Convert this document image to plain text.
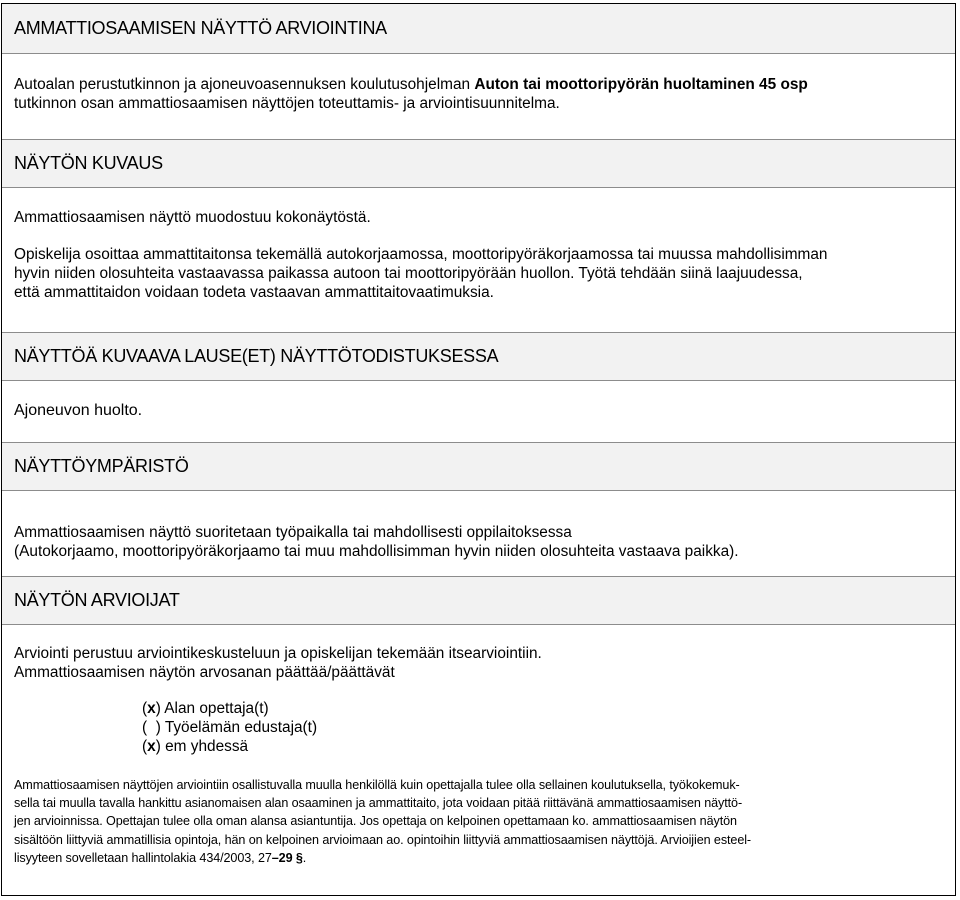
AMMATTIOSAAMISEN NÄYTTÖ ARVIOINTINA

Autoalan perustutkinnon ja ajoneuvoasennuksen koulutusohjelman Auton tai moottoripyörän huoltaminen 45 osp

tutkinnon osan ammattiosaamisen näyttöjen toteuttamis- ja arviointisuunnitelma.

NÄYTÖN KUVAUS

Ammattiosaamisen näyttö muodostuu kokonäytöstä.

Opiskelija osoittaa ammattitaitonsa tekemällä autokorjaamossa, moottoripyöräkorjaamossa tai muussa mahdollisimman

hyvin niiden olosuhteita vastaavassa paikassa autoon tai moottoripyörään huollon. Työtä tehdään siinä laajuudessa,

että ammattitaidon voidaan todeta vastaavan ammattitaitovaatimuksia.

NÄYTTÖÄ KUVAAVA LAUSE(ET) NÄYTTÖTODISTUKSESSA

Ajoneuvon huolto.

NÄYTTÖYMPÄRISTÖ

Ammattiosaamisen näyttö suoritetaan työpaikalla tai mahdollisesti oppilaitoksessa

(Autokorjaamo, moottoripyöräkorjaamo tai muu mahdollisimman hyvin niiden olosuhteita vastaava paikka).

NÄYTÖN ARVIOIJAT

Arviointi perustuu arviointikeskusteluun ja opiskelijan tekemään itsearviointiin.

Ammattiosaamisen näytön arvosanan päättää/päättävät

(x) Alan opettaja(t)
(  ) Työelämän edustaja(t)
(x) em yhdessä
Ammattiosaamisen näyttöjen arviointiin osallistuvalla muulla henkilöllä kuin opettajalla tulee olla sellainen koulutuksella, työkokemuk-
sella tai muulla tavalla hankittu asianomaisen alan osaaminen ja ammattitaito, jota voidaan pitää riittävänä ammattiosaamisen näyttö-
jen arvioinnissa. Opettajan tulee olla oman alansa asiantuntija. Jos opettaja on kelpoinen opettamaan ko. ammattiosaamisen näytön
sisältöön liittyviä ammatillisia opintoja, hän on kelpoinen arvioimaan ao. opintoihin liittyviä ammattiosaamisen näyttöjä. Arvioijien esteel-
lisyyteen sovelletaan hallintolakia 434/2003, 27–29 §.
